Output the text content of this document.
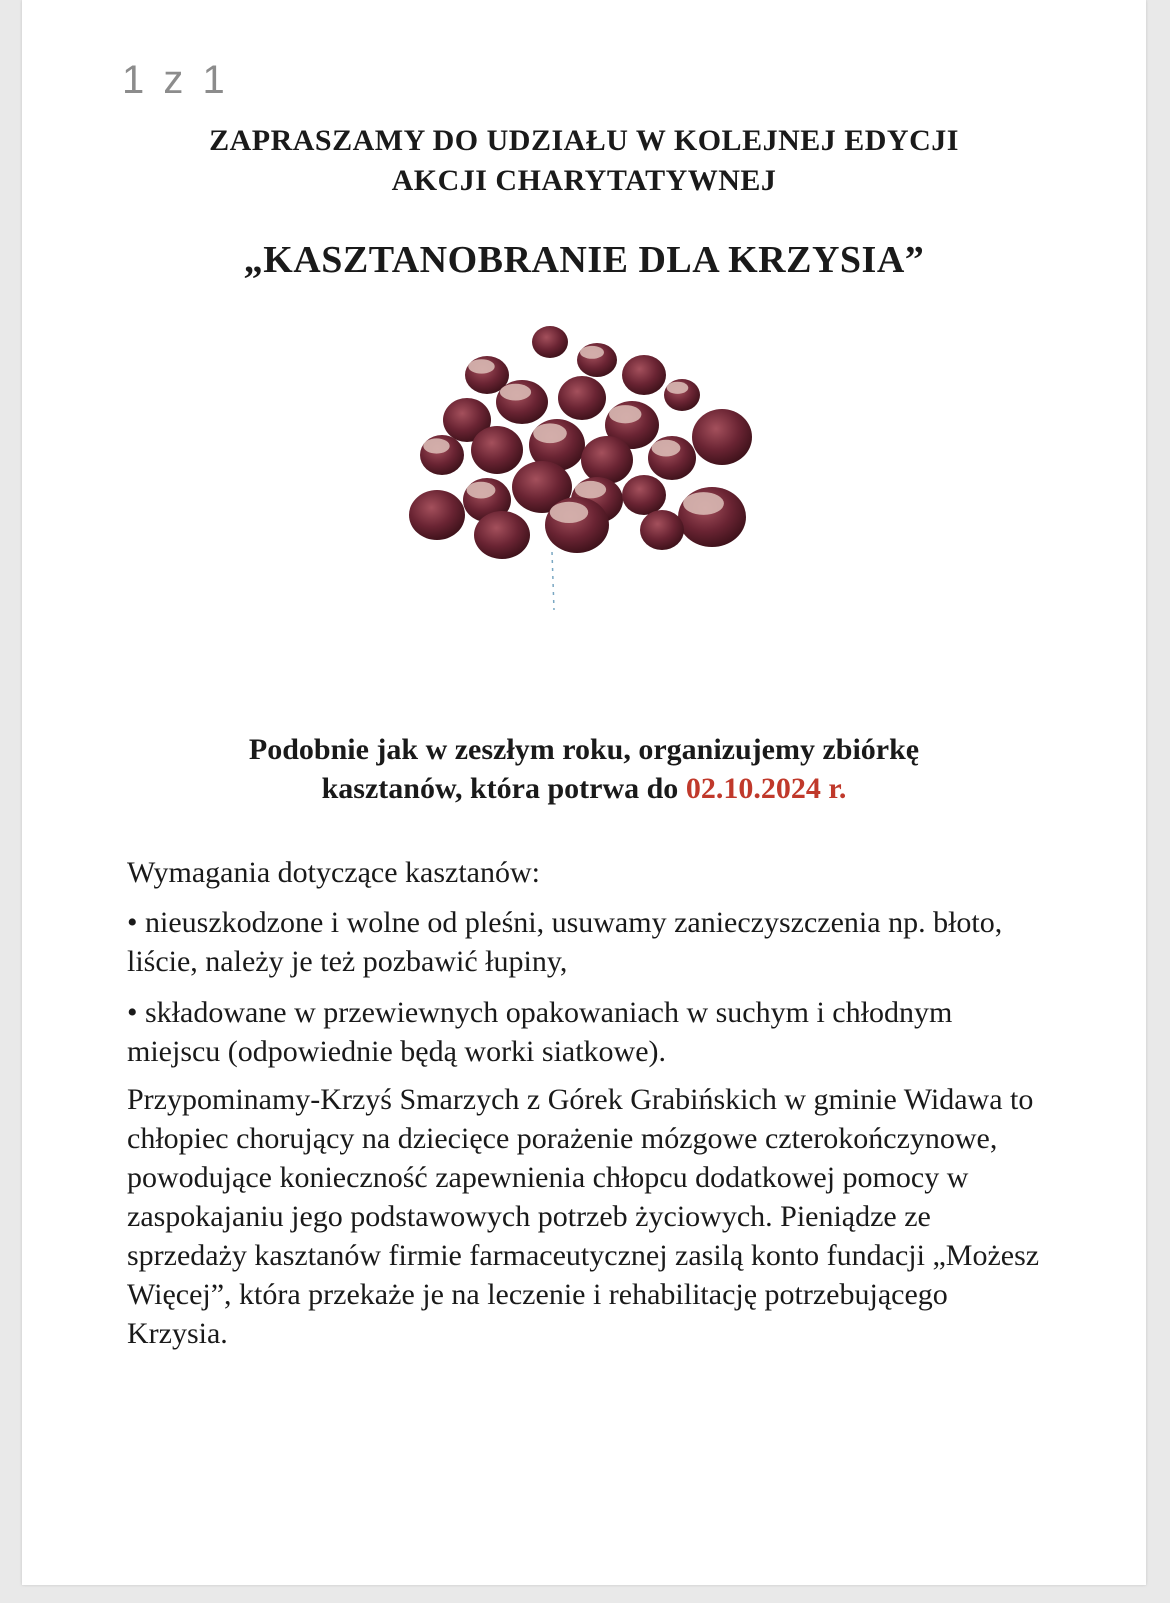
1 z 1
ZAPRASZAMY DO UDZIAŁU W KOLEJNEJ EDYCJI
AKCJI CHARYTATYWNEJ
„KASZTANOBRANIE DLA KRZYSIA”
Podobnie jak w zeszłym roku, organizujemy zbiórkę
kasztanów, która potrwa do 02.10.2024 r.
Wymagania dotyczące kasztanów:
• nieuszkodzone i wolne od pleśni, usuwamy zanieczyszczenia np. błoto, liście, należy je też pozbawić łupiny,
• składowane w przewiewnych opakowaniach w suchym i chłodnym miejscu (odpowiednie będą worki siatkowe).
Przypominamy-Krzyś Smarzych z Górek Grabińskich w gminie Widawa to chłopiec chorujący na dziecięce porażenie mózgowe czterokończynowe, powodujące konieczność zapewnienia chłopcu dodatkowej pomocy w zaspokajaniu jego podstawowych potrzeb życiowych. Pieniądze ze sprzedaży kasztanów firmie farmaceutycznej zasilą konto fundacji „Możesz Więcej”, która przekaże je na leczenie i rehabilitację potrzebującego Krzysia.
